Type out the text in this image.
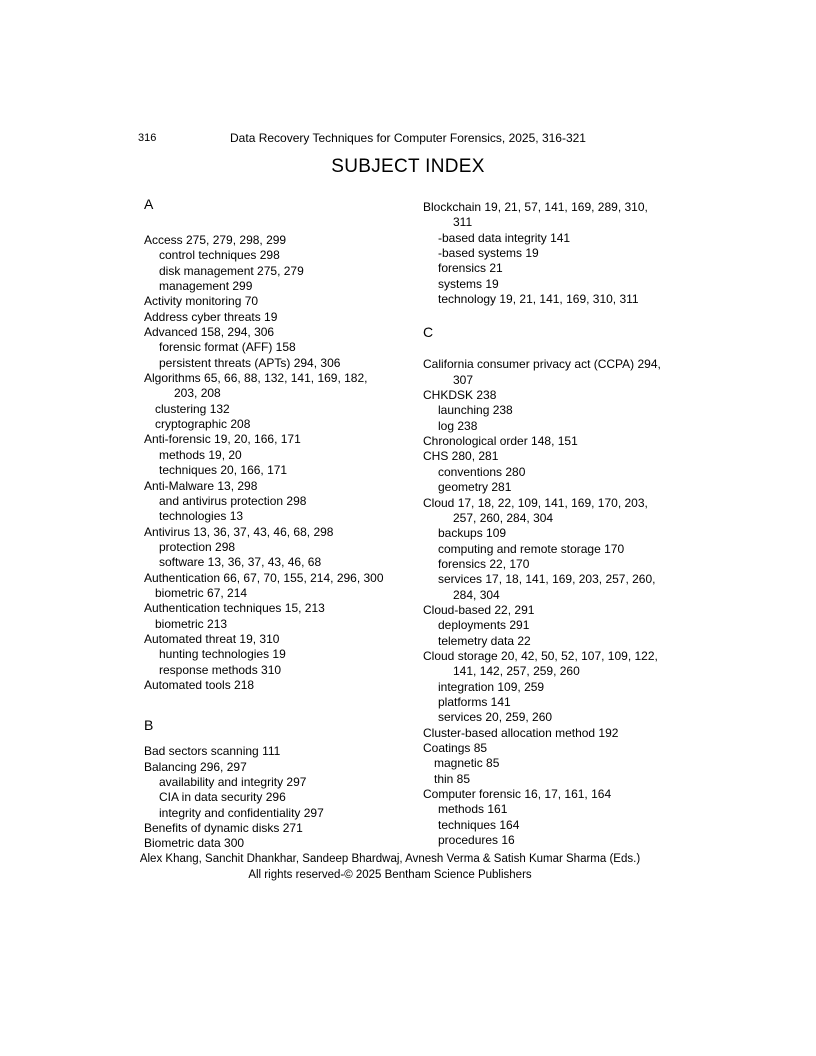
316	Data Recovery Techniques for Computer Forensics, 2025, 316-321
SUBJECT INDEX
A
Access 275, 279, 298, 299
control techniques 298
disk management 275, 279
management 299
Activity monitoring 70
Address cyber threats 19
Advanced 158, 294, 306
forensic format (AFF) 158
persistent threats (APTs) 294, 306
Algorithms 65, 66, 88, 132, 141, 169, 182,
203, 208
clustering 132
cryptographic 208
Anti-forensic 19, 20, 166, 171
methods 19, 20
techniques 20, 166, 171
Anti-Malware 13, 298
and antivirus protection 298
technologies 13
Antivirus 13, 36, 37, 43, 46, 68, 298
protection 298
software 13, 36, 37, 43, 46, 68
Authentication 66, 67, 70, 155, 214, 296, 300
biometric 67, 214
Authentication techniques 15, 213
biometric 213
Automated threat 19, 310
hunting technologies 19
response methods 310
Automated tools 218
B
Bad sectors scanning 111
Balancing 296, 297
availability and integrity 297
CIA in data security 296
integrity and confidentiality 297
Benefits of dynamic disks 271
Biometric data 300
Blockchain 19, 21, 57, 141, 169, 289, 310,
311
-based data integrity 141
-based systems 19
forensics 21
systems 19
technology 19, 21, 141, 169, 310, 311
C
California consumer privacy act (CCPA) 294,
307
CHKDSK 238
launching 238
log 238
Chronological order 148, 151
CHS 280, 281
conventions 280
geometry 281
Cloud 17, 18, 22, 109, 141, 169, 170, 203,
257, 260, 284, 304
backups 109
computing and remote storage 170
forensics 22, 170
services 17, 18, 141, 169, 203, 257, 260,
284, 304
Cloud-based 22, 291
deployments 291
telemetry data 22
Cloud storage 20, 42, 50, 52, 107, 109, 122,
141, 142, 257, 259, 260
integration 109, 259
platforms 141
services 20, 259, 260
Cluster-based allocation method 192
Coatings 85
magnetic 85
thin 85
Computer forensic 16, 17, 161, 164
methods 161
techniques 164
procedures 16
Alex Khang, Sanchit Dhankhar, Sandeep Bhardwaj, Avnesh Verma & Satish Kumar Sharma (Eds.)
All rights reserved-© 2025 Bentham Science Publishers
